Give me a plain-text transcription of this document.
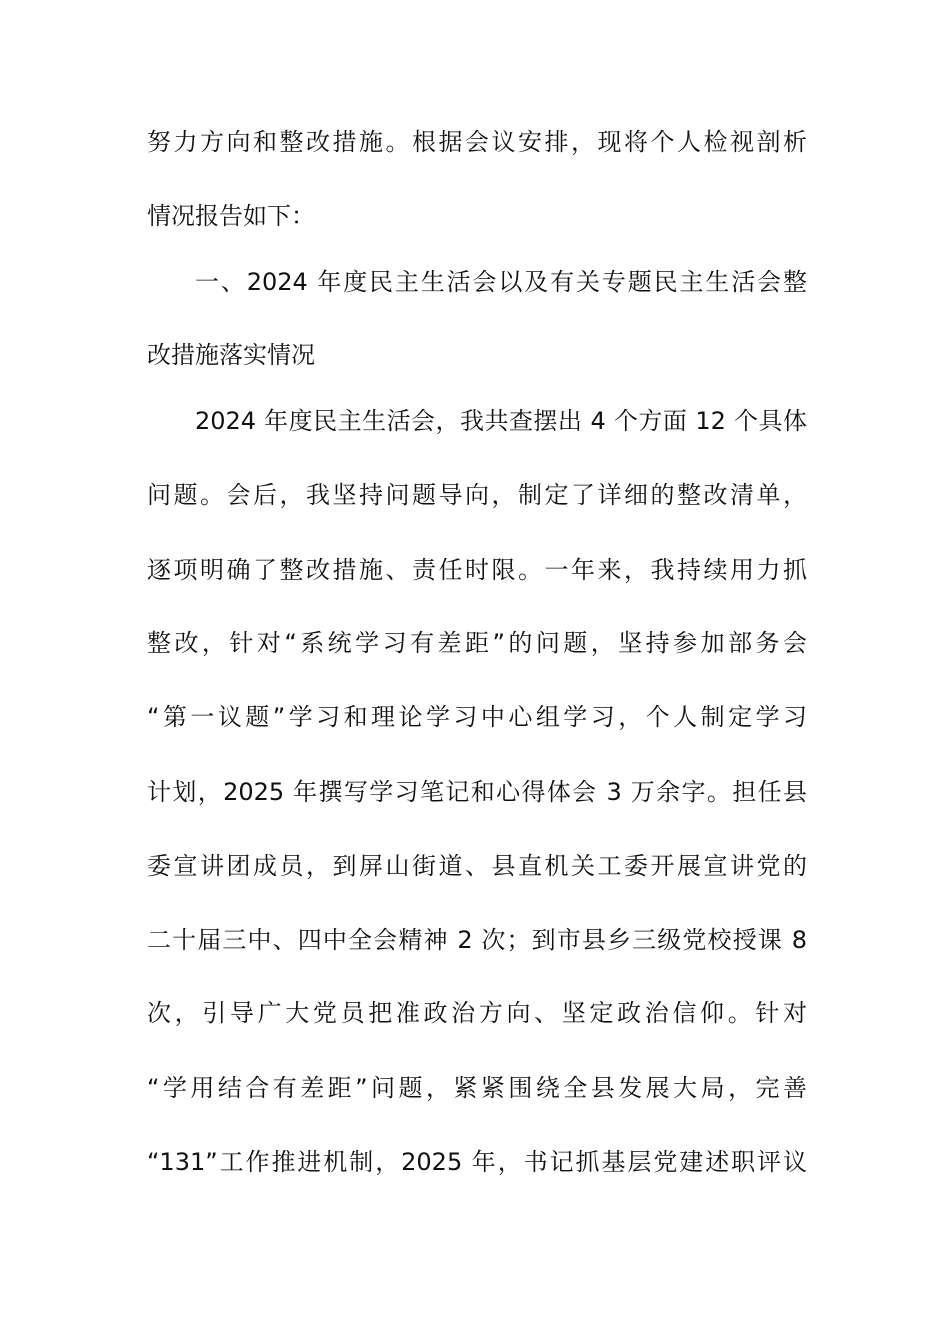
努力方向和整改措施。根据会议安排，现将个人检视剖析
情况报告如下：
一、2024 年度民主生活会以及有关专题民主生活会整
改措施落实情况
2024 年度民主生活会，我共查摆出 4 个方面 12 个具体
问题。会后，我坚持问题导向，制定了详细的整改清单，
逐项明确了整改措施、责任时限。一年来，我持续用力抓
整改，针对“系统学习有差距”的问题，坚持参加部务会
“第一议题”学习和理论学习中心组学习，个人制定学习
计划，2025 年撰写学习笔记和心得体会 3 万余字。担任县
委宣讲团成员，到屏山街道、县直机关工委开展宣讲党的
二十届三中、四中全会精神 2 次；到市县乡三级党校授课 8
次，引导广大党员把准政治方向、坚定政治信仰。针对
“学用结合有差距”问题，紧紧围绕全县发展大局，完善
“131”工作推进机制，2025 年，书记抓基层党建述职评议
